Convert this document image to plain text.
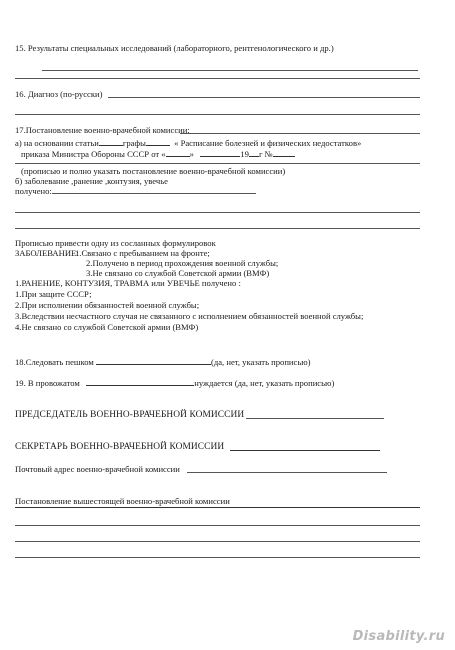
15. Результаты специальных исследований (лабораторного, рентгенологического и др.)
16. Диагноз (по-русски)
17.Постановление военно-врачебной комиссии:
а) на основании статьи	графы	« Расписание болезней и физических недостатков»
приказа Министра Обороны СССР от «	»	19 г №
(прописью и полно указать постановление военно-врачебной комиссии)
б) заболевание ,ранение ,контузия, увечье
получено:
Прописью привести одну из сосланных формулировок
ЗАБОЛЕВАНИЕ:
1.Связано с пребыванием на фронте;
2.Получено в период прохождения военной службы;
3.Не связано со службой Советской армии (ВМФ)
1.РАНЕНИЕ, КОНТУЗИЯ, ТРАВМА или УВЕЧЬЕ получено :
1.При защите СССР;
2.При исполнении обязанностей военной службы;
3.Вследствии несчастного случая не связанного с исполнением обязанностей военной службы;
4.Не связано со службой Советской армии (ВМФ)
18.Следовать пешком	(да, нет, указать прописью)
19. В провожатом	нуждается (да, нет, указать прописью)
ПРЕДСЕДАТЕЛЬ ВОЕННО-ВРАЧЕБНОЙ КОМИССИИ
СЕКРЕТАРЬ ВОЕННО-ВРАЧЕБНОЙ КОМИССИИ
Почтовый адрес военно-врачебной комиссии
Постановление вышестоящей военно-врачебной комиссии
Disability.ru
